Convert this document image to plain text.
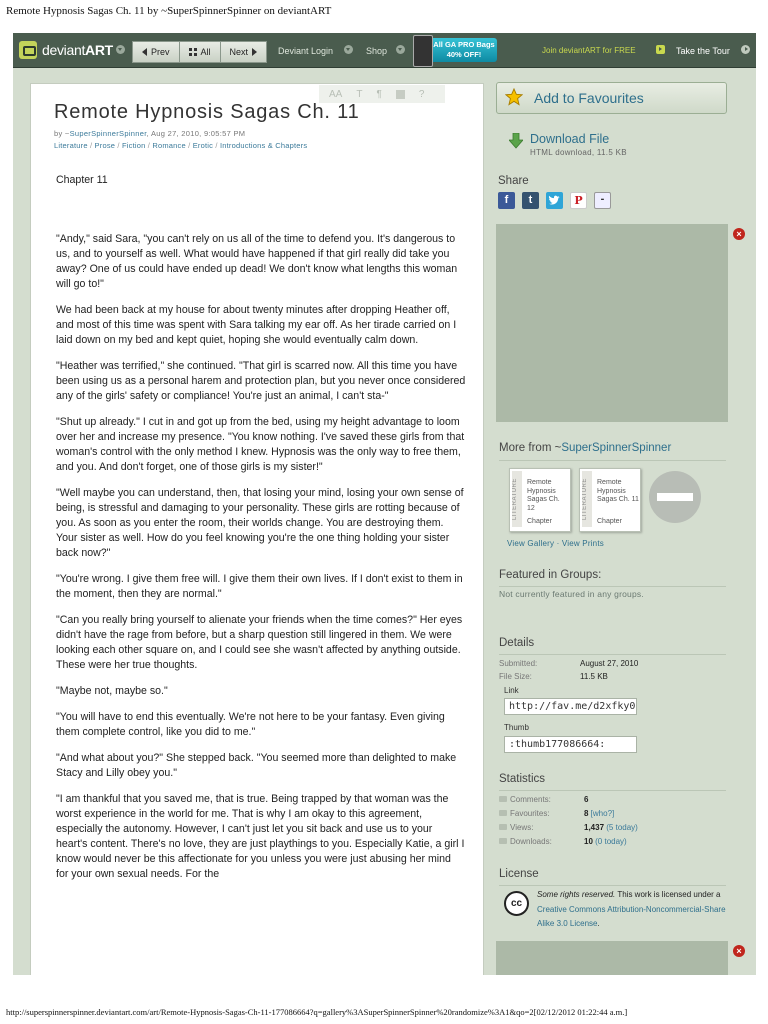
Remote Hypnosis Sagas Ch. 11 by ~SuperSpinnerSpinner on deviantART
deviantART	Prev	All Next	Deviant Login	Shop
All GA PRO Bags
40% OFF!	Join deviantART for FREE	Take the Tour
AA T ¶	?
Remote Hypnosis Sagas Ch. 11
by ~SuperSpinnerSpinner, Aug 27, 2010, 9:05:57 PM
Literature / Prose / Fiction / Romance / Erotic / Introductions & Chapters

Chapter 11

"Andy," said Sara, "you can't rely on us all of the time to defend you. It's dangerous to us, and to yourself as well. What would have happened if that girl really did take you away? One of us could have ended up dead! We don't know what lengths this woman will go to!"

We had been back at my house for about twenty minutes after dropping Heather off, and most of this time was spent with Sara talking my ear off. As her tirade carried on I laid down on my bed and kept quiet, hoping she would eventually calm down.

"Heather was terrified," she continued. "That girl is scarred now. All this time you have been using us as a personal harem and protection plan, but you never once considered any of the girls' safety or compliance! You're just an animal, I can't sta-"

"Shut up already." I cut in and got up from the bed, using my height advantage to loom over her and increase my presence. "You know nothing. I've saved these girls from that woman's control with the only method I knew. Hypnosis was the only way to free them, and you. And don't forget, one of those girls is my sister!"

"Well maybe you can understand, then, that losing your mind, losing your own sense of being, is stressful and damaging to your personality. These girls are rotting because of you. As soon as you enter the room, their worlds change. You are destroying them. Your sister as well. How do you feel knowing you're the one thing holding your sister back now?"

"You're wrong. I give them free will. I give them their own lives. If I don't exist to them in the moment, then they are normal."

"Can you really bring yourself to alienate your friends when the time comes?" Her eyes didn't have the rage from before, but a sharp question still lingered in them. We were looking each other square on, and I could see she wasn't affected by anything outside. These were her true thoughts.

"Maybe not, maybe so."

"You will have to end this eventually. We're not here to be your fantasy. Even giving them complete control, like you did to me."

"And what about you?" She stepped back. "You seemed more than delighted to make Stacy and Lilly obey you."

"I am thankful that you saved me, that is true. Being trapped by that woman was the worst experience in the world for me. That is why I am okay to this agreement, especially the autonomy. However, I can't just let you sit back and use us to your heart's content. There's no love, they are just playthings to you. Especially Katie, a girl I know would never be this affectionate for you unless you were just abusing her mind for your own sexual needs. For the

Add to Favourites
Download File
HTML download, 11.5 KB
Share
f	t	P	-
×
More from ~SuperSpinnerSpinner
LITERATURE	Remote Hypnosis Sagas Ch. 12
Chapter
LITERATURE	Remote Hypnosis Sagas Ch. 11
Chapter
View Gallery · View Prints
Featured in Groups:
Not currently featured in any groups.
Details
Submitted:	August 27, 2010
File Size:	11.5 KB
Link
http://fav.me/d2xfky0
Thumb
:thumb177086664:
Statistics
Comments:	6
Favourites:	8 [who?]
Views:	1,437 (5 today)
Downloads:	10 (0 today)
License
cc
Some rights reserved. This work is licensed under a Creative Commons Attribution-Noncommercial-Share Alike 3.0 License.
×
http://superspinnerspinner.deviantart.com/art/Remote-Hypnosis-Sagas-Ch-11-177086664?q=gallery%3ASuperSpinnerSpinner%20randomize%3A1&qo=2[02/12/2012 01:22:44 a.m.]
